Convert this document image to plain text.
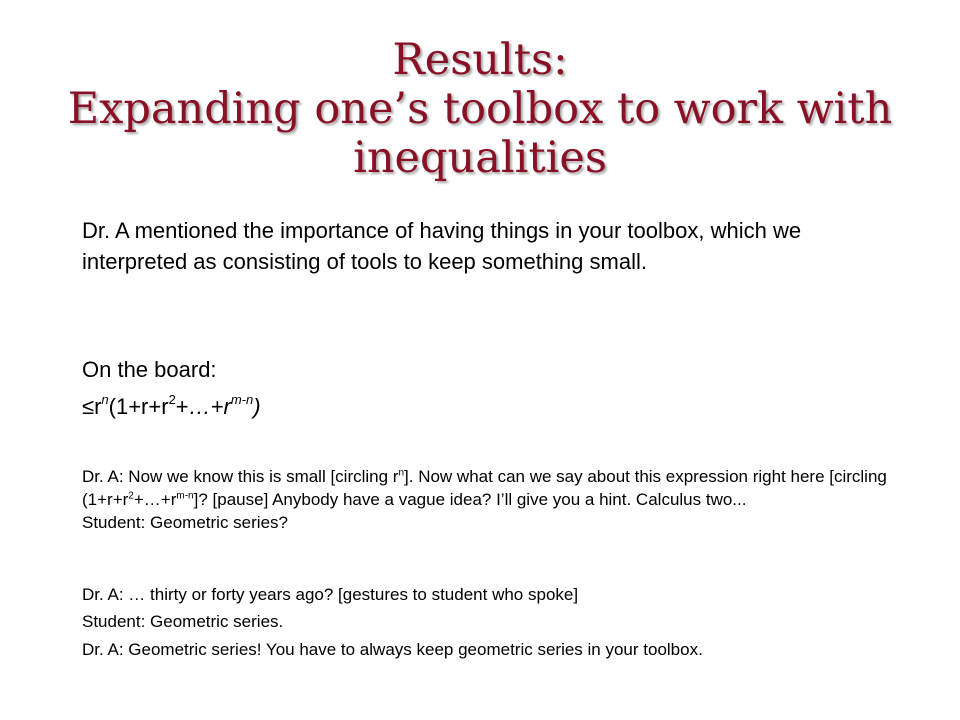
Results:
Expanding one’s toolbox to work with
inequalities
Dr. A mentioned the importance of having things in your toolbox, which we interpreted as consisting of tools to keep something small.
On the board:
$\le r^n(1+r+r^2+\dots+r^{m-n})$
Dr. A: Now we know this is small [circling $r^n$]. Now what can we say about this expression right here [circling $(1+r+r^2+\dots+r^{m-n}]$? [pause] Anybody have a vague idea? I’ll give you a hint. Calculus two...
Student: Geometric series?
Dr. A: … thirty or forty years ago? [gestures to student who spoke]
Student: Geometric series.
Dr. A: Geometric series! You have to always keep geometric series in your toolbox.
